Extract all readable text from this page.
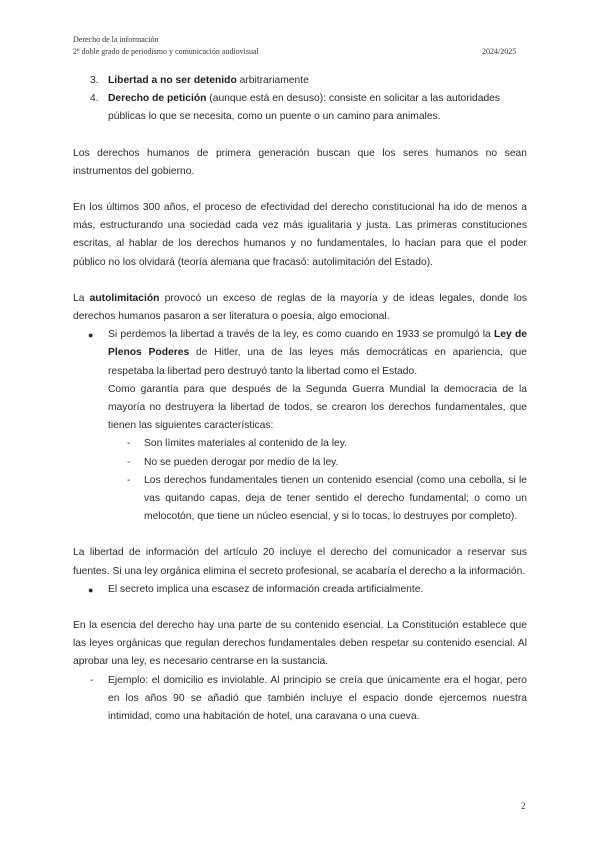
Derecho de la información
2º doble grado de periodismo y comunicación audiovisual	2024/2025
3. Libertad a no ser detenido arbitrariamente
4. Derecho de petición (aunque está en desuso): consiste en solicitar a las autoridades públicas lo que se necesita, como un puente o un camino para animales.

Los derechos humanos de primera generación buscan que los seres humanos no sean instrumentos del gobierno.

En los últimos 300 años, el proceso de efectividad del derecho constitucional ha ido de menos a más, estructurando una sociedad cada vez más igualitaria y justa. Las primeras constituciones escritas, al hablar de los derechos humanos y no fundamentales, lo hacían para que el poder público no los olvidará (teoría alemana que fracasó: autolimitación del Estado).

La autolimitación provocó un exceso de reglas de la mayoría y de ideas legales, donde los derechos humanos pasaron a ser literatura o poesía, algo emocional.

● Si perdemos la libertad a través de la ley, es como cuando en 1933 se promulgó la Ley de Plenos Poderes de Hitler, una de las leyes más democráticas en apariencia, que respetaba la libertad pero destruyó tanto la libertad como el Estado.

Como garantía para que después de la Segunda Guerra Mundial la democracia de la mayoría no destruyera la libertad de todos, se crearon los derechos fundamentales, que tienen las siguientes características:

- Son límites materiales al contenido de la ley.

- No se pueden derogar por medio de la ley.

- Los derechos fundamentales tienen un contenido esencial (como una cebolla, si le vas quitando capas, deja de tener sentido el derecho fundamental; o como un melocotón, que tiene un núcleo esencial, y si lo tocas, lo destruyes por completo).

La libertad de información del artículo 20 incluye el derecho del comunicador a reservar sus fuentes. Si una ley orgánica elimina el secreto profesional, se acabaría el derecho a la información.

● El secreto implica una escasez de información creada artificialmente.

En la esencia del derecho hay una parte de su contenido esencial. La Constitución establece que las leyes orgánicas que regulan derechos fundamentales deben respetar su contenido esencial. Al aprobar una ley, es necesario centrarse en la sustancia.

- Ejemplo: el domicilio es inviolable. Al principio se creía que únicamente era el hogar, pero en los años 90 se añadió que también incluye el espacio donde ejercemos nuestra intimidad, como una habitación de hotel, una caravana o una cueva.

2
